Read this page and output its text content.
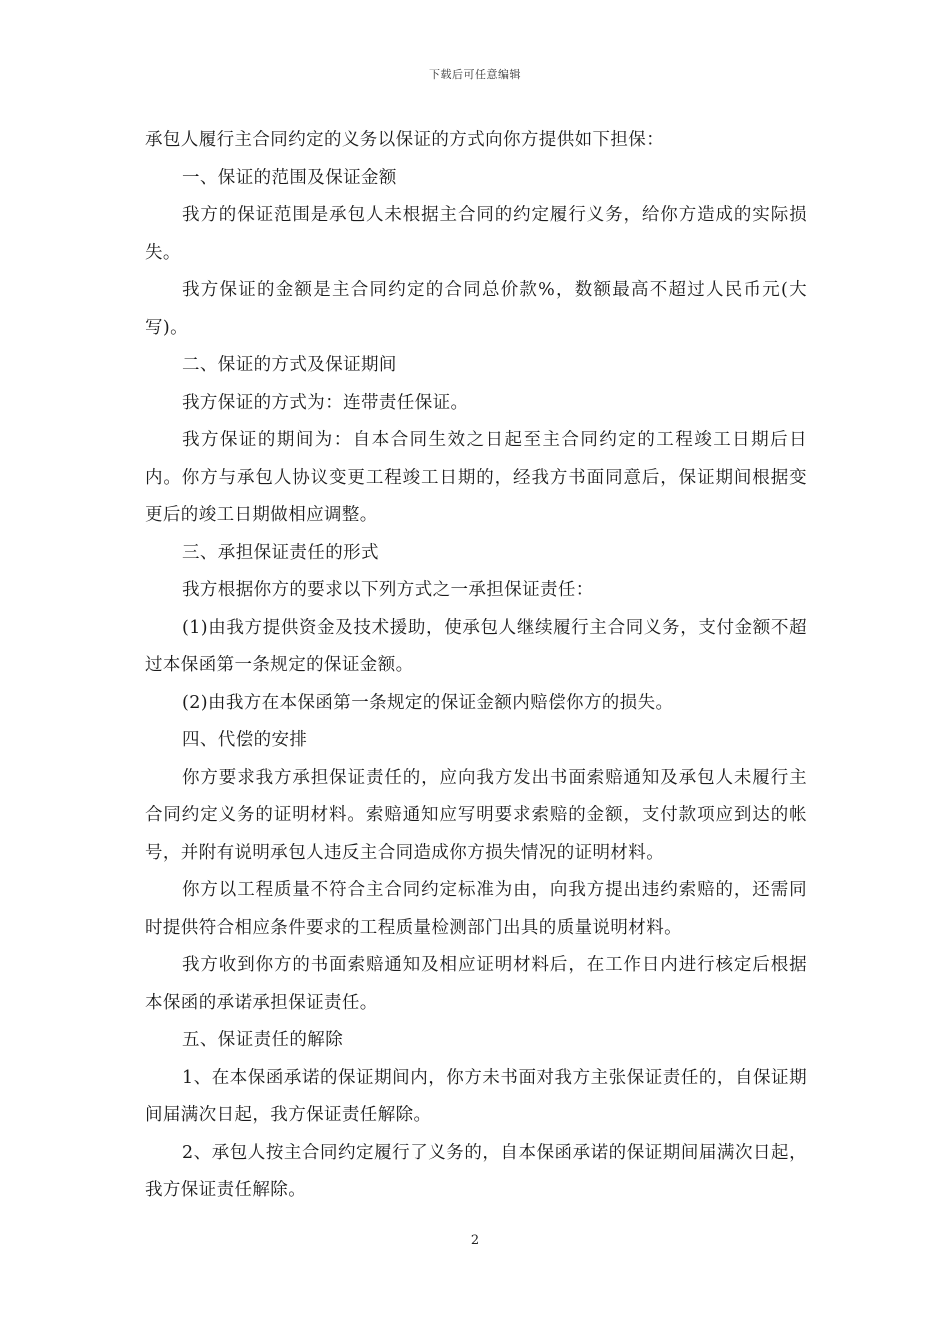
下载后可任意编辑

承包人履行主合同约定的义务以保证的方式向你方提供如下担保：

一、保证的范围及保证金额

我方的保证范围是承包人未根据主合同的约定履行义务，给你方造成的实际损失。

我方保证的金额是主合同约定的合同总价款%，数额最高不超过人民币元(大写)。

二、保证的方式及保证期间

我方保证的方式为：连带责任保证。

我方保证的期间为：自本合同生效之日起至主合同约定的工程竣工日期后日内。你方与承包人协议变更工程竣工日期的，经我方书面同意后，保证期间根据变更后的竣工日期做相应调整。

三、承担保证责任的形式

我方根据你方的要求以下列方式之一承担保证责任：

(1)由我方提供资金及技术援助，使承包人继续履行主合同义务，支付金额不超过本保函第一条规定的保证金额。

(2)由我方在本保函第一条规定的保证金额内赔偿你方的损失。

四、代偿的安排

你方要求我方承担保证责任的，应向我方发出书面索赔通知及承包人未履行主合同约定义务的证明材料。索赔通知应写明要求索赔的金额，支付款项应到达的帐号，并附有说明承包人违反主合同造成你方损失情况的证明材料。

你方以工程质量不符合主合同约定标准为由，向我方提出违约索赔的，还需同时提供符合相应条件要求的工程质量检测部门出具的质量说明材料。

我方收到你方的书面索赔通知及相应证明材料后，在工作日内进行核定后根据本保函的承诺承担保证责任。

五、保证责任的解除

1、在本保函承诺的保证期间内，你方未书面对我方主张保证责任的，自保证期间届满次日起，我方保证责任解除。

2、承包人按主合同约定履行了义务的，自本保函承诺的保证期间届满次日起，我方保证责任解除。

2
